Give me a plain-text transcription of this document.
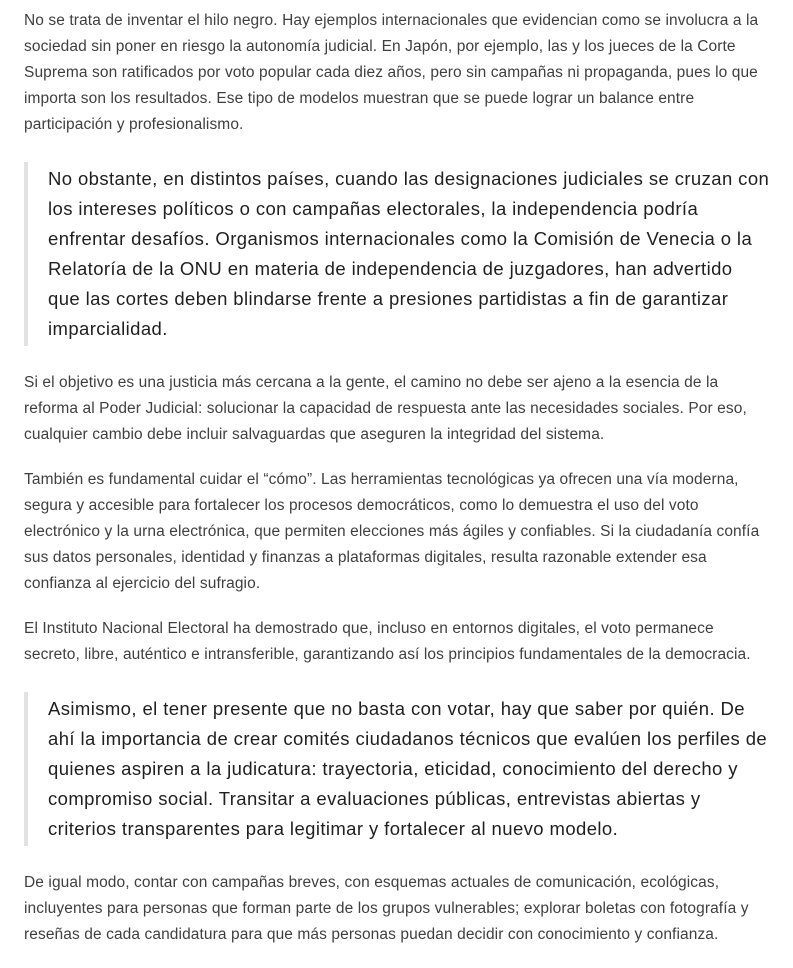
No se trata de inventar el hilo negro. Hay ejemplos internacionales que evidencian como se involucra a la sociedad sin poner en riesgo la autonomía judicial. En Japón, por ejemplo, las y los jueces de la Corte Suprema son ratificados por voto popular cada diez años, pero sin campañas ni propaganda, pues lo que importa son los resultados. Ese tipo de modelos muestran que se puede lograr un balance entre participación y profesionalismo.

No obstante, en distintos países, cuando las designaciones judiciales se cruzan con los intereses políticos o con campañas electorales, la independencia podría enfrentar desafíos. Organismos internacionales como la Comisión de Venecia o la Relatoría de la ONU en materia de independencia de juzgadores, han advertido que las cortes deben blindarse frente a presiones partidistas a fin de garantizar imparcialidad.

Si el objetivo es una justicia más cercana a la gente, el camino no debe ser ajeno a la esencia de la reforma al Poder Judicial: solucionar la capacidad de respuesta ante las necesidades sociales. Por eso, cualquier cambio debe incluir salvaguardas que aseguren la integridad del sistema.

También es fundamental cuidar el “cómo”. Las herramientas tecnológicas ya ofrecen una vía moderna, segura y accesible para fortalecer los procesos democráticos, como lo demuestra el uso del voto electrónico y la urna electrónica, que permiten elecciones más ágiles y confiables. Si la ciudadanía confía sus datos personales, identidad y finanzas a plataformas digitales, resulta razonable extender esa confianza al ejercicio del sufragio.

El Instituto Nacional Electoral ha demostrado que, incluso en entornos digitales, el voto permanece secreto, libre, auténtico e intransferible, garantizando así los principios fundamentales de la democracia.

Asimismo, el tener presente que no basta con votar, hay que saber por quién. De ahí la importancia de crear comités ciudadanos técnicos que evalúen los perfiles de quienes aspiren a la judicatura: trayectoria, eticidad, conocimiento del derecho y compromiso social. Transitar a evaluaciones públicas, entrevistas abiertas y criterios transparentes para legitimar y fortalecer al nuevo modelo.

De igual modo, contar con campañas breves, con esquemas actuales de comunicación, ecológicas, incluyentes para personas que forman parte de los grupos vulnerables; explorar boletas con fotografía y reseñas de cada candidatura para que más personas puedan decidir con conocimiento y confianza.
